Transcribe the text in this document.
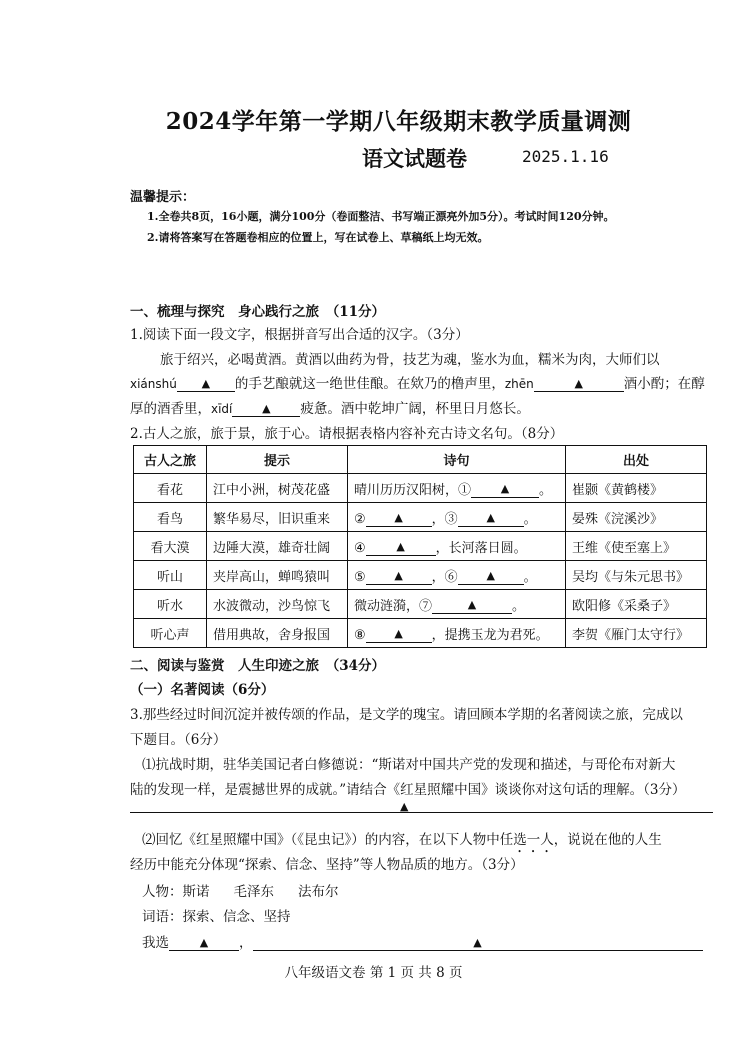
2024学年第一学期八年级期末教学质量调测
语文试题卷	2025.1.16
温馨提示：
1.全卷共8页，16小题，满分100分（卷面整洁、书写端正漂亮外加5分）。考试时间120分钟。
2.请将答案写在答题卷相应的位置上，写在试卷上、草稿纸上均无效。
一、梳理与探究　身心践行之旅　（11分）
1.阅读下面一段文字，根据拼音写出合适的汉字。（3分）
旅于绍兴，必喝黄酒。黄酒以曲药为骨，技艺为魂，鉴水为血，糯米为肉，大师们以
xiánshú ▲ 的手艺酿就这一绝世佳酿。在欸乃的橹声里，zhēn	▲	酒小酌；在醇
厚的酒香里，xīdí	▲ 疲惫。酒中乾坤广阔，杯里日月悠长。
2.古人之旅，旅于景，旅于心。请根据表格内容补充古诗文名句。（8分）
古人之旅	提示	诗句	出处
看花	江中小洲，树茂花盛	晴川历历汉阳树，① ▲ 。	崔颢《黄鹤楼》
看鸟	繁华易尽，旧识重来	② ▲ ，③ ▲ 。	晏殊《浣溪沙》
看大漠	边陲大漠，雄奇壮阔	④ ▲ ，长河落日圆。	王维《使至塞上》
听山	夹岸高山，蝉鸣猿叫	⑤ ▲ ，⑥ ▲ 。	吴均《与朱元思书》
听水	水波微动，沙鸟惊飞	微动涟漪，⑦ ▲ 。	欧阳修《采桑子》
听心声	借用典故，舍身报国	⑧ ▲ ，提携玉龙为君死。	李贺《雁门太守行》
二、阅读与鉴赏　人生印迹之旅　（34分）
（一）名著阅读（6分）
3.那些经过时间沉淀并被传颂的作品，是文学的瑰宝。请回顾本学期的名著阅读之旅，完成以
下题目。（6分）
⑴抗战时期，驻华美国记者白修德说：“斯诺对中国共产党的发现和描述，与哥伦布对新大
陆的发现一样，是震撼世界的成就。”请结合《红星照耀中国》谈谈你对这句话的理解。（3分）
▲
⑵回忆《红星照耀中国》（《昆虫记》）的内容，在以下人物中任选一人，说说在他的人生
经历中能充分体现“探索、信念、坚持”等人物品质的地方。（3分）
人物：斯诺 毛泽东 法布尔
词语：探索、信念、坚持
我选	▲ ，	▲
八年级语文卷 第 1 页 共 8 页
